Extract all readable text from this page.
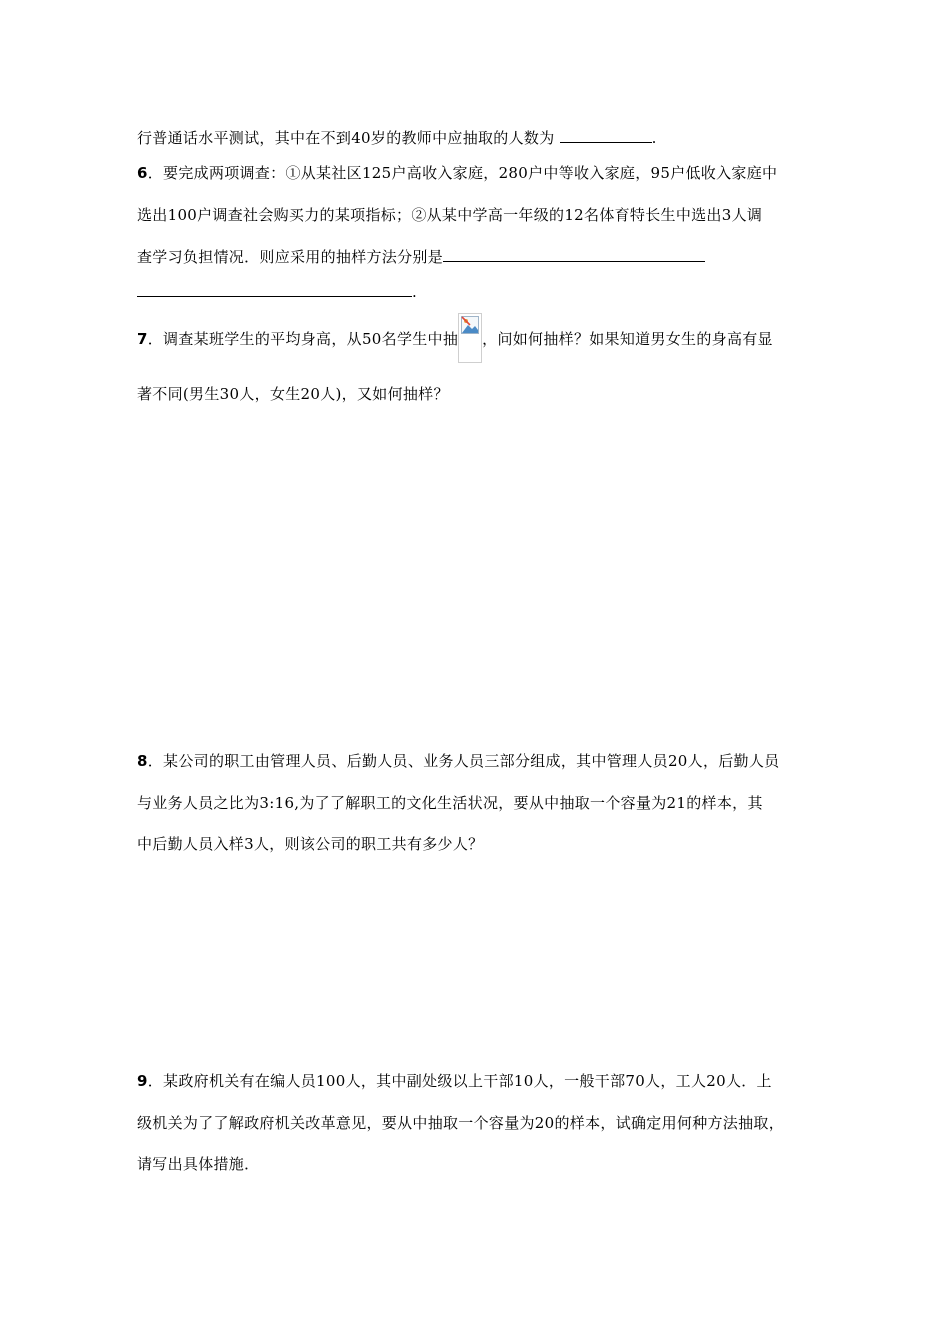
行普通话水平测试，其中在不到40岁的教师中应抽取的人数为	.
6．要完成两项调查：①从某社区125户高收入家庭，280户中等收入家庭，95户低收入家庭中
选出100户调查社会购买力的某项指标；②从某中学高一年级的12名体育特长生中选出3人调
查学习负担情况．则应采用的抽样方法分别是
.
7．调查某班学生的平均身高，从50名学生中抽 ，问如何抽样？如果知道男女生的身高有显
著不同(男生30人，女生20人)，又如何抽样？
8．某公司的职工由管理人员、后勤人员、业务人员三部分组成，其中管理人员20人，后勤人员
与业务人员之比为3:16,为了了解职工的文化生活状况，要从中抽取一个容量为21的样本，其
中后勤人员入样3人，则该公司的职工共有多少人？
9．某政府机关有在编人员100人，其中副处级以上干部10人，一般干部70人，工人20人．上
级机关为了了解政府机关改革意见，要从中抽取一个容量为20的样本，试确定用何种方法抽取，
请写出具体措施．
